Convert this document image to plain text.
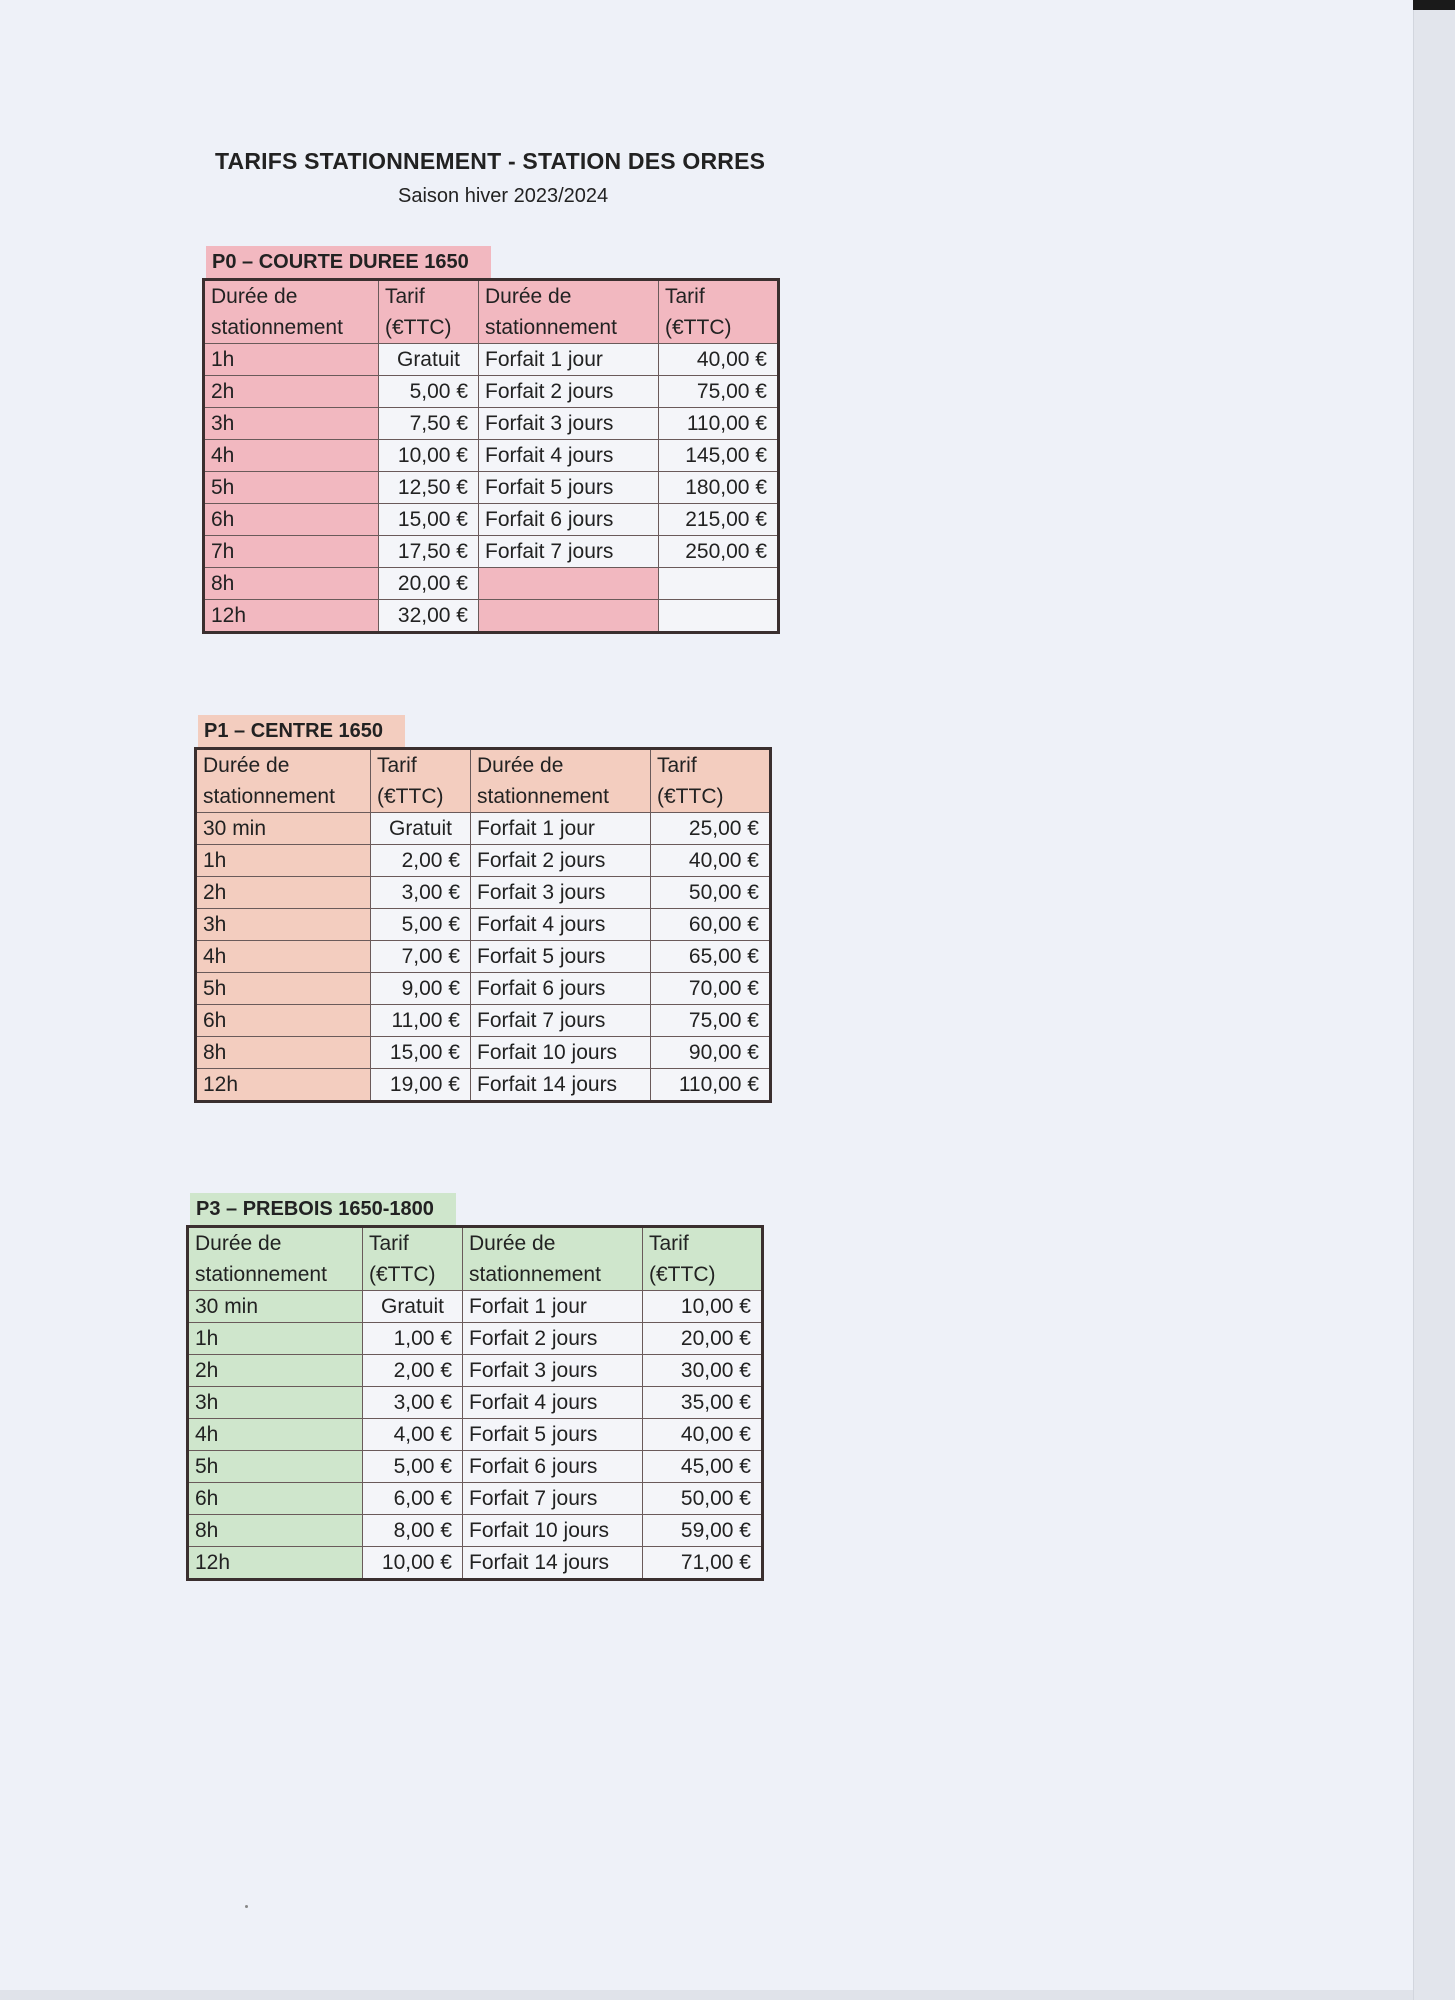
TARIFS STATIONNEMENT - STATION DES ORRES
Saison hiver 2023/2024
P0 – COURTE DUREE 1650
Durée de stationnement	Tarif (€TTC)	Durée de stationnement	Tarif (€TTC)
1h	Gratuit	Forfait 1 jour	40,00 €
2h	5,00 €	Forfait 2 jours	75,00 €
3h	7,50 €	Forfait 3 jours	110,00 €
4h	10,00 €	Forfait 4 jours	145,00 €
5h	12,50 €	Forfait 5 jours	180,00 €
6h	15,00 €	Forfait 6 jours	215,00 €
7h	17,50 €	Forfait 7 jours	250,00 €
8h	20,00 €		
12h	32,00 €		
P1 – CENTRE 1650
Durée de stationnement	Tarif (€TTC)	Durée de stationnement	Tarif (€TTC)
30 min	Gratuit	Forfait 1 jour	25,00 €
1h	2,00 €	Forfait 2 jours	40,00 €
2h	3,00 €	Forfait 3 jours	50,00 €
3h	5,00 €	Forfait 4 jours	60,00 €
4h	7,00 €	Forfait 5 jours	65,00 €
5h	9,00 €	Forfait 6 jours	70,00 €
6h	11,00 €	Forfait 7 jours	75,00 €
8h	15,00 €	Forfait 10 jours	90,00 €
12h	19,00 €	Forfait 14 jours	110,00 €
P3 – PREBOIS 1650-1800
Durée de stationnement	Tarif (€TTC)	Durée de stationnement	Tarif (€TTC)
30 min	Gratuit	Forfait 1 jour	10,00 €
1h	1,00 €	Forfait 2 jours	20,00 €
2h	2,00 €	Forfait 3 jours	30,00 €
3h	3,00 €	Forfait 4 jours	35,00 €
4h	4,00 €	Forfait 5 jours	40,00 €
5h	5,00 €	Forfait 6 jours	45,00 €
6h	6,00 €	Forfait 7 jours	50,00 €
8h	8,00 €	Forfait 10 jours	59,00 €
12h	10,00 €	Forfait 14 jours	71,00 €
